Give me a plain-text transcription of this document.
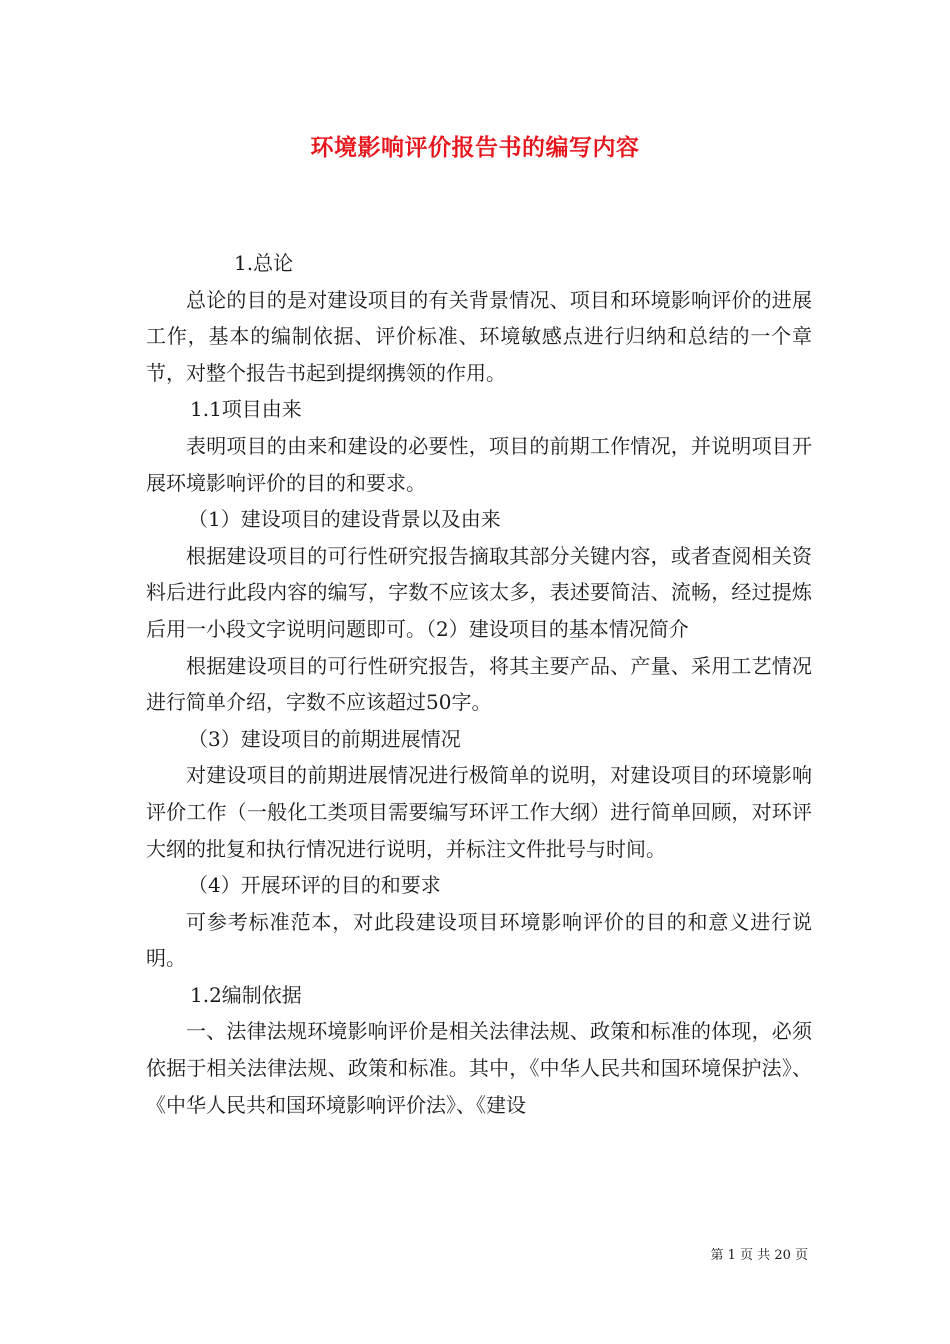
环境影响评价报告书的编写内容

1.总论

总论的目的是对建设项目的有关背景情况、项目和环境影响评价的进展工作，基本的编制依据、评价标准、环境敏感点进行归纳和总结的一个章节，对整个报告书起到提纲携领的作用。

1.1项目由来

表明项目的由来和建设的必要性，项目的前期工作情况，并说明项目开展环境影响评价的目的和要求。

（1）建设项目的建设背景以及由来

根据建设项目的可行性研究报告摘取其部分关键内容，或者查阅相关资料后进行此段内容的编写，字数不应该太多，表述要简洁、流畅，经过提炼后用一小段文字说明问题即可。（2）建设项目的基本情况简介

根据建设项目的可行性研究报告，将其主要产品、产量、采用工艺情况进行简单介绍，字数不应该超过50字。

（3）建设项目的前期进展情况

对建设项目的前期进展情况进行极简单的说明，对建设项目的环境影响评价工作（一般化工类项目需要编写环评工作大纲）进行简单回顾，对环评大纲的批复和执行情况进行说明，并标注文件批号与时间。

（4）开展环评的目的和要求

可参考标准范本，对此段建设项目环境影响评价的目的和意义进行说明。

1.2编制依据

一、法律法规环境影响评价是相关法律法规、政策和标准的体现，必须依据于相关法律法规、政策和标准。其中，《中华人民共和国环境保护法》、《中华人民共和国环境影响评价法》、《建设

第 1 页 共 20 页
